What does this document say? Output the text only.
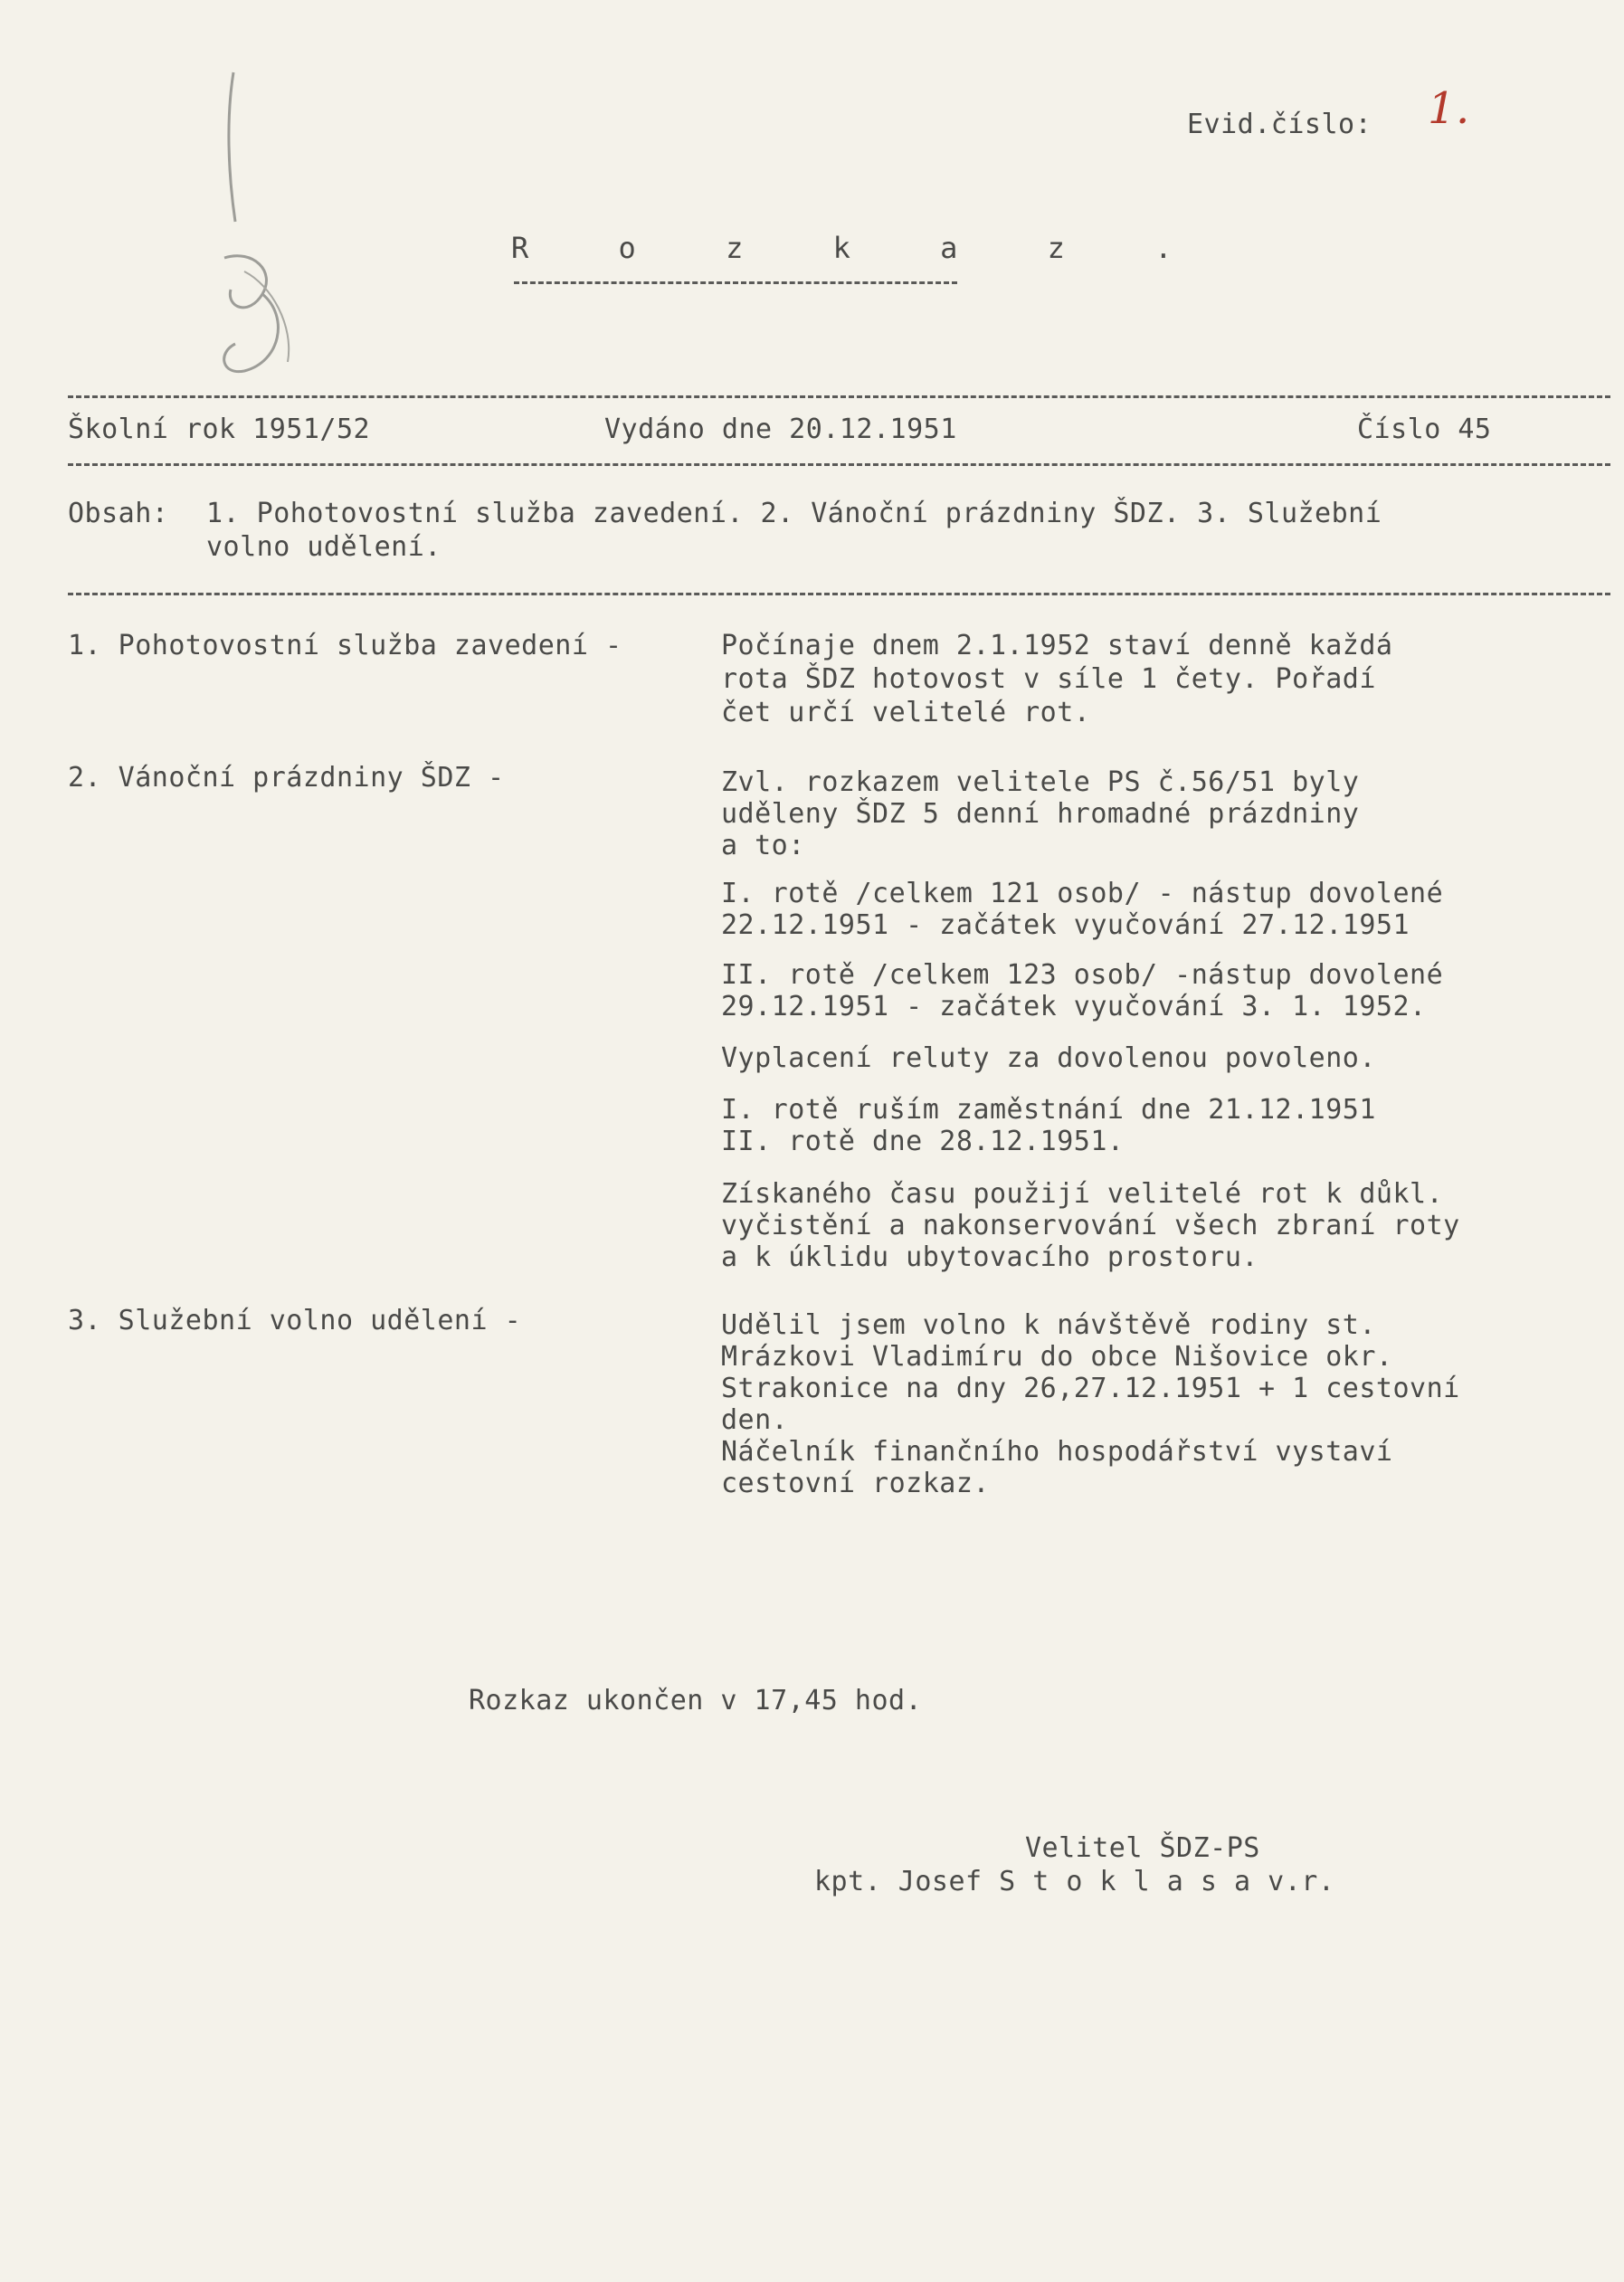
Evid.číslo: 1.
R o z k a z .
Školní rok 1951/52	Vydáno dne 20.12.1951	Číslo 45
Obsah: 1. Pohotovostní služba zavedení. 2. Vánoční prázdniny ŠDZ. 3. Služební
volno udělení.
1. Pohotovostní služba zavedení -	Počínaje dnem 2.1.1952 staví denně každá
rota ŠDZ hotovost v síle 1 čety. Pořadí
čet určí velitelé rot.
2. Vánoční prázdniny ŠDZ -	Zvl. rozkazem velitele PS č.56/51 byly
uděleny ŠDZ 5 denní hromadné prázdniny
a to:
I. rotě /celkem 121 osob/ - nástup dovolené
22.12.1951 - začátek vyučování 27.12.1951
II. rotě /celkem 123 osob/ -nástup dovolené
29.12.1951 - začátek vyučování 3. 1. 1952.
Vyplacení reluty za dovolenou povoleno.
I. rotě ruším zaměstnání dne 21.12.1951
II. rotě dne 28.12.1951.
Získaného času použijí velitelé rot k důkl.
vyčistění a nakonservování všech zbraní roty
a k úklidu ubytovacího prostoru.
3. Služební volno udělení -	Udělil jsem volno k návštěvě rodiny st.
Mrázkovi Vladimíru do obce Nišovice okr.
Strakonice na dny 26,27.12.1951 + 1 cestovní
den.
Náčelník finančního hospodářství vystaví
cestovní rozkaz.
Rozkaz ukončen v 17,45 hod.
Velitel ŠDZ-PS
kpt. Josef S t o k l a s a v.r.
